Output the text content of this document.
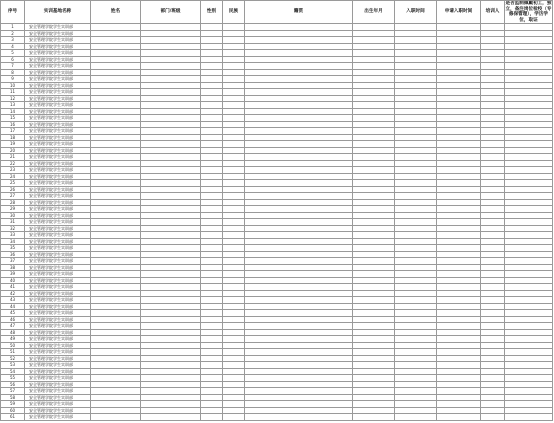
序号	实训基地名称	姓名	部门/班级	性别	民族	籍贯	出生年月	入职时间	申请入职时间	培训人	是否监制佩戴初工，独立，备注岗位检校（专修保管理），学历学位，取证
1	安全管理学院学生实训部										
2	安全管理学院学生实训部										
3	安全管理学院学生实训部										
4	安全管理学院学生实训部										
5	安全管理学院学生实训部										
6	安全管理学院学生实训部										
7	安全管理学院学生实训部										
8	安全管理学院学生实训部										
9	安全管理学院学生实训部										
10	安全管理学院学生实训部										
11	安全管理学院学生实训部										
12	安全管理学院学生实训部										
13	安全管理学院学生实训部										
14	安全管理学院学生实训部										
15	安全管理学院学生实训部										
16	安全管理学院学生实训部										
17	安全管理学院学生实训部										
18	安全管理学院学生实训部										
19	安全管理学院学生实训部										
20	安全管理学院学生实训部										
21	安全管理学院学生实训部										
22	安全管理学院学生实训部										
23	安全管理学院学生实训部										
24	安全管理学院学生实训部										
25	安全管理学院学生实训部										
26	安全管理学院学生实训部										
27	安全管理学院学生实训部										
28	安全管理学院学生实训部										
29	安全管理学院学生实训部										
30	安全管理学院学生实训部										
31	安全管理学院学生实训部										
32	安全管理学院学生实训部										
33	安全管理学院学生实训部										
34	安全管理学院学生实训部										
35	安全管理学院学生实训部										
36	安全管理学院学生实训部										
37	安全管理学院学生实训部										
38	安全管理学院学生实训部										
39	安全管理学院学生实训部										
40	安全管理学院学生实训部										
41	安全管理学院学生实训部										
42	安全管理学院学生实训部										
43	安全管理学院学生实训部										
44	安全管理学院学生实训部										
45	安全管理学院学生实训部										
46	安全管理学院学生实训部										
47	安全管理学院学生实训部										
48	安全管理学院学生实训部										
49	安全管理学院学生实训部										
50	安全管理学院学生实训部										
51	安全管理学院学生实训部										
52	安全管理学院学生实训部										
53	安全管理学院学生实训部										
54	安全管理学院学生实训部										
55	安全管理学院学生实训部										
56	安全管理学院学生实训部										
57	安全管理学院学生实训部										
58	安全管理学院学生实训部										
59	安全管理学院学生实训部										
60	安全管理学院学生实训部										
61	安全管理学院学生实训部										
